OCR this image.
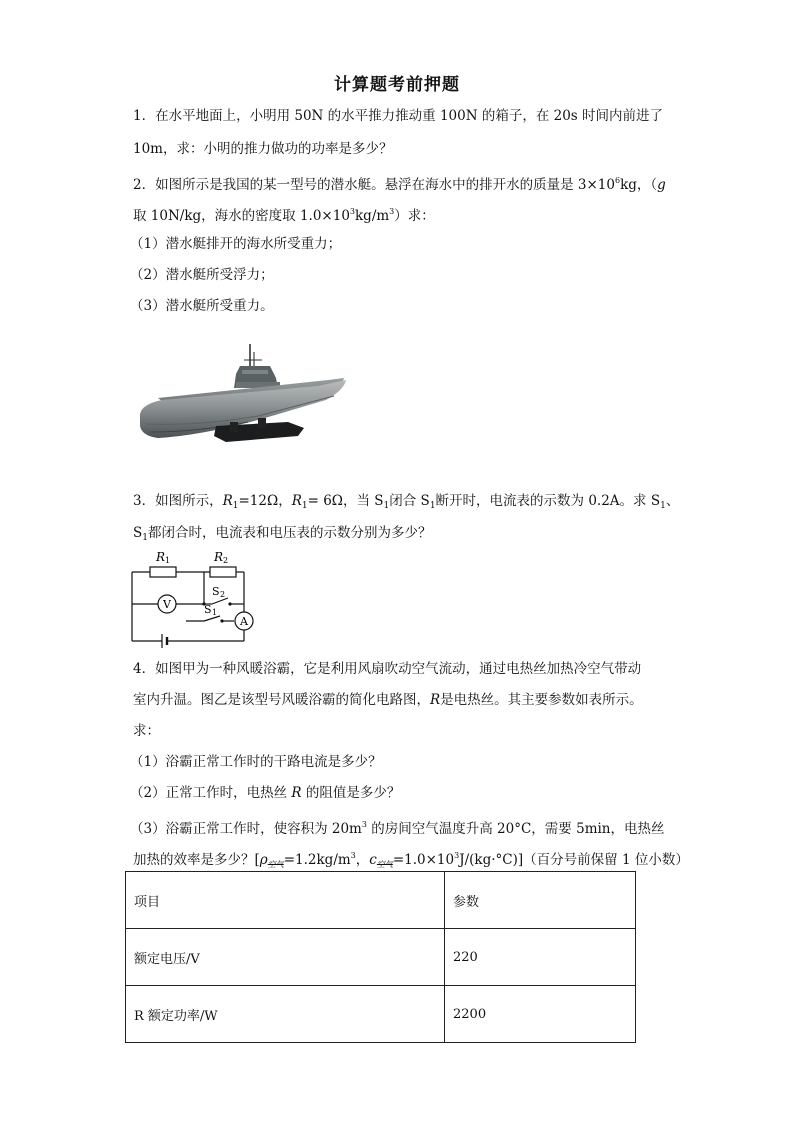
计算题考前押题
1．在水平地面上，小明用 50N 的水平推力推动重 100N 的箱子，在 20s 时间内前进了
10m，求：小明的推力做功的功率是多少？
2．如图所示是我国的某一型号的潜水艇。悬浮在海水中的排开水的质量是 $3\times 10^6kg$，（g
取 10N/kg，海水的密度取 $1.0\times 10^3kg/m^3$）求：
（1）潜水艇排开的海水所受重力；
（2）潜水艇所受浮力；
（3）潜水艇所受重力。
3．如图所示，$R_1=12\Omega$，$R_1= 6\Omega$，当 $S_1$闭合 $S_1$断开时，电流表的示数为 0.2A。求 $S_1$、
$S_1$都闭合时，电流表和电压表的示数分别为多少？
R 1	R 2
V
A
S 2
S 1
4．如图甲为一种风暖浴霸，它是利用风扇吹动空气流动，通过电热丝加热冷空气带动
室内升温。图乙是该型号风暖浴霸的简化电路图，R是电热丝。其主要参数如表所示。
求：
（1）浴霸正常工作时的干路电流是多少？
（2）正常工作时，电热丝 R 的阻值是多少？
（3）浴霸正常工作时，使容积为 $20m^3$ 的房间空气温度升高 20°C，需要 5min，电热丝
加热的效率是多少？[$\rho_{空气}=1.2kg/m^3$，$c_{空气}=1.0\times 10^3J/(kg\cdot^\circ C)$]（百分号前保留 1 位小数）
项目	参数
额定电压/V	220
R 额定功率/W	2200
